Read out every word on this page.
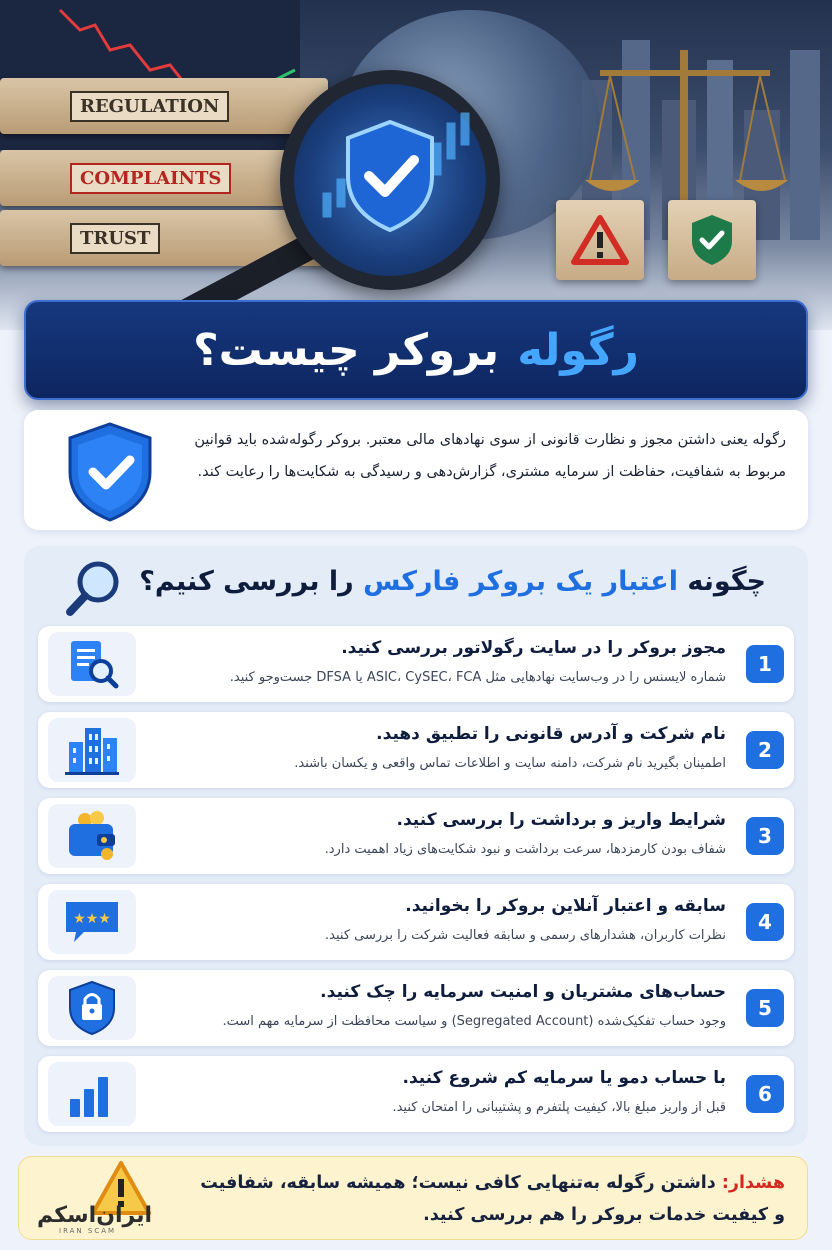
REGULATION
COMPLAINTS
TRUST
رگوله
بروکر چیست؟

رگوله یعنی داشتن مجوز و نظارت قانونی از سوی نهادهای مالی معتبر. بروکر رگوله‌شده باید قوانین مربوط به شفافیت، حفاظت از سرمایه مشتری، گزارش‌دهی و رسیدگی به شکایت‌ها را رعایت کند.

چگونه اعتبار یک بروکر فارکس را بررسی کنیم؟
1
مجوز بروکر را در سایت رگولاتور بررسی کنید.
شماره لایسنس را در وب‌سایت نهادهایی مثل ASIC، CySEC، FCA یا DFSA جست‌وجو کنید.
2
نام شرکت و آدرس قانونی را تطبیق دهید.
اطمینان بگیرید نام شرکت، دامنه سایت و اطلاعات تماس واقعی و یکسان باشند.
3
شرایط واریز و برداشت را بررسی کنید.
شفاف بودن کارمزدها، سرعت برداشت و نبود شکایت‌های زیاد اهمیت دارد.
4
سابقه و اعتبار آنلاین بروکر را بخوانید.
نظرات کاربران، هشدارهای رسمی و سابقه فعالیت شرکت را بررسی کنید.
★★★
5
حساب‌های مشتریان و امنیت سرمایه را چک کنید.
وجود حساب تفکیک‌شده (Segregated Account) و سیاست محافظت از سرمایه مهم است.
6
با حساب دمو یا سرمایه کم شروع کنید.
قبل از واریز مبلغ بالا، کیفیت پلتفرم و پشتیبانی را امتحان کنید.

هشدار: داشتن رگوله به‌تنهایی کافی نیست؛ همیشه سابقه، شفافیت و کیفیت خدمات بروکر را هم بررسی کنید.

ایران‌اسکم
IRAN SCAM
